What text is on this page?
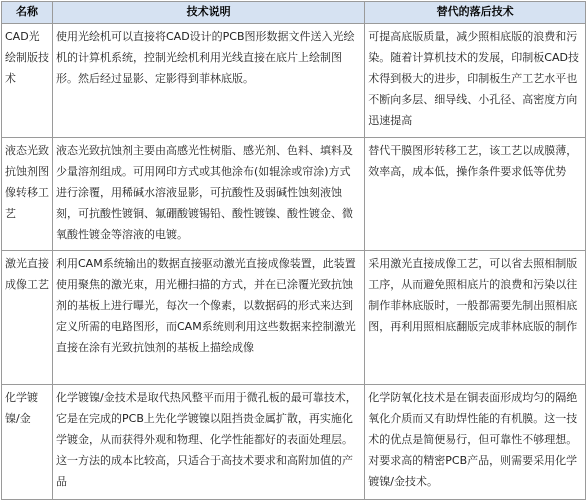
名称	技术说明	替代的落后技术
CAD光绘制版技术	使用光绘机可以直接将CAD设计的PCB图形数据文件送入光绘机的计算机系统，控制光绘机利用光线直接在底片上绘制图形。然后经过显影、定影得到菲林底版。	可提高底版质量，减少照相底版的浪费和污染。随着计算机技术的发展，印制板CAD技术得到极大的进步，印制板生产工艺水平也不断向多层、细导线、小孔径、高密度方向迅速提高
液态光致抗蚀剂图像转移工艺	液态光致抗蚀剂主要由高感光性树脂、感光剂、色料、填料及少量溶剂组成。可用网印方式或其他涂布(如辊涂或帘涂)方式进行涂覆，用稀碱水溶液显影，可抗酸性及弱碱性蚀刻液蚀刻，可抗酸性镀铜、氟硼酸镀锡铅、酸性镀镍、酸性镀金、微氧酸性镀金等溶液的电镀。	替代干膜图形转移工艺，该工艺以成膜薄，效率高，成本低，操作条件要求低等优势
激光直接成像工艺	利用CAM系统输出的数据直接驱动激光直接成像装置，此装置使用聚焦的激光束，用光栅扫描的方式，并在已涂覆光致抗蚀剂的基板上进行曝光，每次一个像素，以数据码的形式来达到定义所需的电路图形，而CAM系统则利用这些数据来控制激光直接在涂有光致抗蚀剂的基板上描绘成像	采用激光直接成像工艺，可以省去照相制版工序，从而避免照相底片的浪费和污染以往制作菲林底版时，一般都需要先制出照相底图，再利用照相底翻版完成菲林底版的制作
化学镀镍/金	化学镀镍/金技术是取代热风整平而用于微孔板的最可靠技术，它是在完成的PCB上先化学镀镍以阻挡贵金属扩散，再实施化学镀金，从而获得外观和物理、化学性能都好的表面处理层。这一方法的成本比较高，只适合于高技术要求和高附加值的产品	化学防氧化技术是在铜表面形成均匀的隔绝氧化介质而又有助焊性能的有机膜。这一技术的优点是简便易行，但可靠性不够理想。对要求高的精密PCB产品，则需要采用化学镀镍/金技术。
